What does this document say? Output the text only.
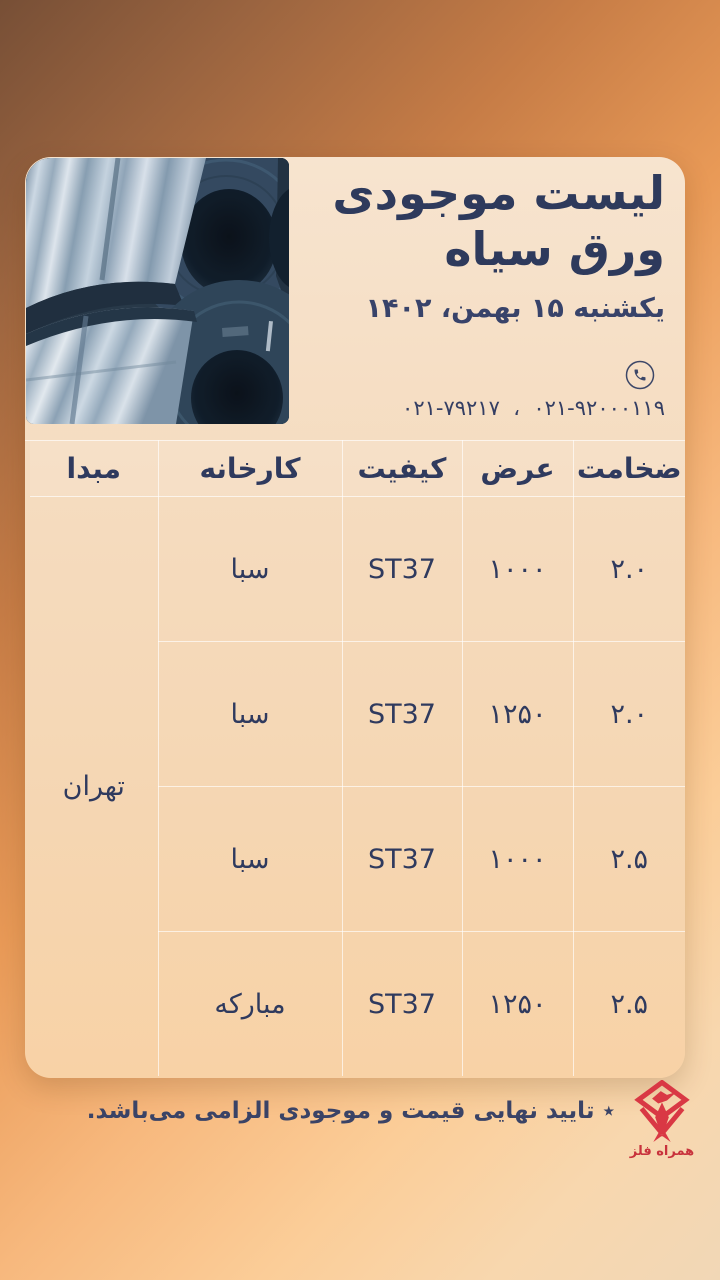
لیست موجودی
ورق سیاه
یکشنبه ۱۵ بهمن، ۱۴۰۲
۰۲۱-۹۲۰۰۰۱۱۹  ،  ۰۲۱-۷۹۲۱۷
ضخامت	عرض	کیفیت	کارخانه	مبدا
۲.۰	۱۰۰۰	ST37	سبا	تهران
۲.۰	۱۲۵۰	ST37	سبا	
۲.۵	۱۰۰۰	ST37	سبا	
۲.۵	۱۲۵۰	ST37	مبارکه	
٭ تایید نهایی قیمت و موجودی الزامی می‌باشد.
همراه فلز
